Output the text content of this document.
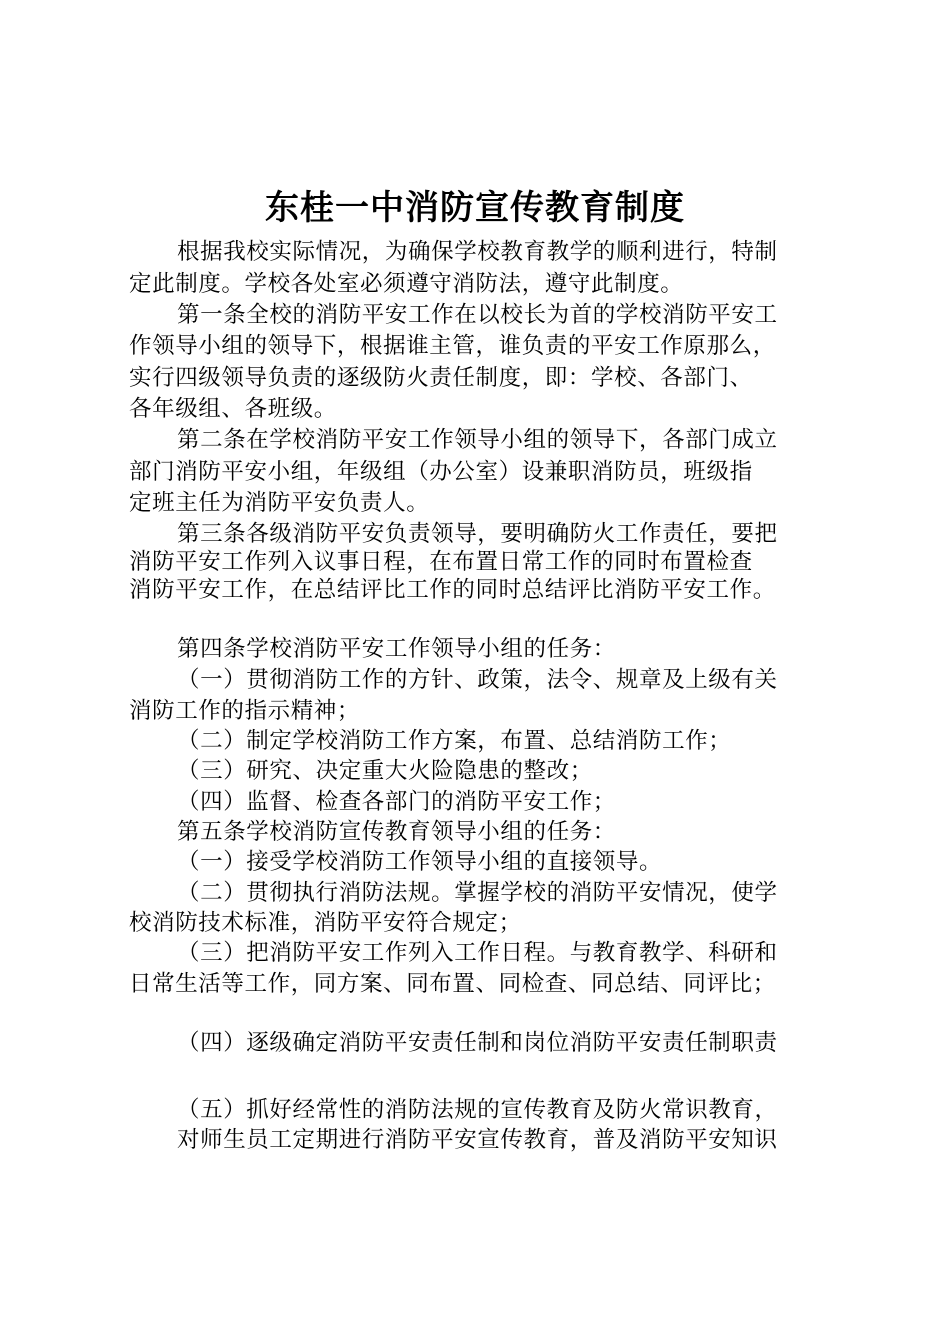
东桂一中消防宣传教育制度
根据我校实际情况，为确保学校教育教学的顺利进行，特制
定此制度。学校各处室必须遵守消防法，遵守此制度。
第一条全校的消防平安工作在以校长为首的学校消防平安工
作领导小组的领导下，根据谁主管，谁负责的平安工作原那么，
实行四级领导负责的逐级防火责任制度，即：学校、各部门、
各年级组、各班级。
第二条在学校消防平安工作领导小组的领导下，各部门成立
部门消防平安小组，年级组（办公室）设兼职消防员，班级指
定班主任为消防平安负责人。
第三条各级消防平安负责领导，要明确防火工作责任，要把
消防平安工作列入议事日程，在布置日常工作的同时布置检查
消防平安工作，在总结评比工作的同时总结评比消防平安工作。
第四条学校消防平安工作领导小组的任务：
（一）贯彻消防工作的方针、政策，法令、规章及上级有关
消防工作的指示精神；
（二）制定学校消防工作方案，布置、总结消防工作；
（三）研究、决定重大火险隐患的整改；
（四）监督、检查各部门的消防平安工作；
第五条学校消防宣传教育领导小组的任务：
（一）接受学校消防工作领导小组的直接领导。
（二）贯彻执行消防法规。掌握学校的消防平安情况，使学
校消防技术标准，消防平安符合规定；
（三）把消防平安工作列入工作日程。与教育教学、科研和
日常生活等工作，同方案、同布置、同检查、同总结、同评比；
（四）逐级确定消防平安责任制和岗位消防平安责任制职责
（五）抓好经常性的消防法规的宣传教育及防火常识教育，
对师生员工定期进行消防平安宣传教育，普及消防平安知识
